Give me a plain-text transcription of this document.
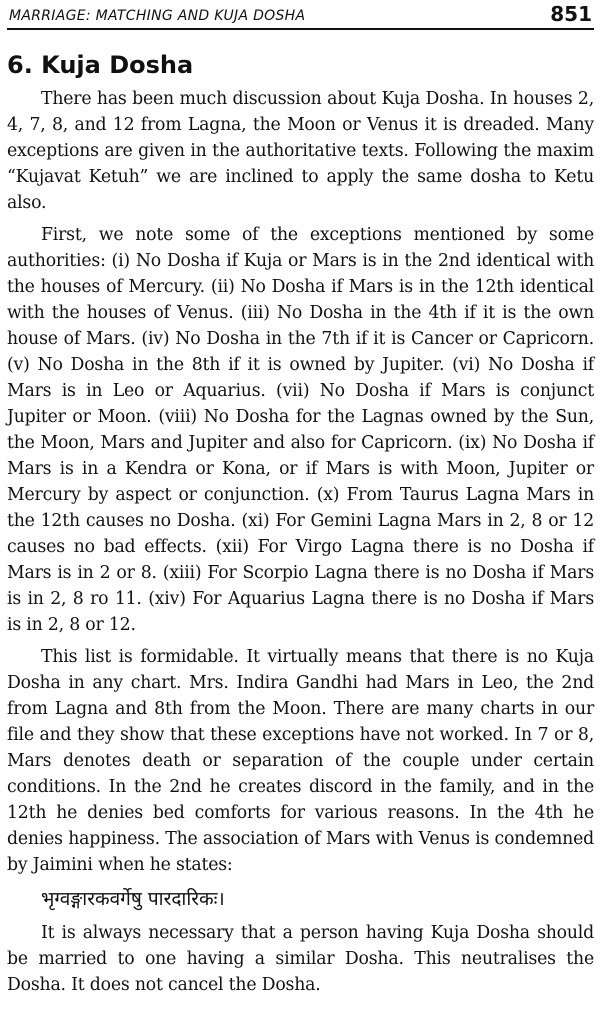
MARRIAGE: MATCHING AND KUJA DOSHA	851
6. Kuja Dosha

There has been much discussion about Kuja Dosha. In houses 2, 4, 7, 8, and 12 from Lagna, the Moon or Venus it is dreaded. Many exceptions are given in the authoritative texts. Following the maxim “Kujavat Ketuh” we are inclined to apply the same dosha to Ketu also.

First, we note some of the exceptions mentioned by some authorities: (i) No Dosha if Kuja or Mars is in the 2nd identical with the houses of Mercury. (ii) No Dosha if Mars is in the 12th identical with the houses of Venus. (iii) No Dosha in the 4th if it is the own house of Mars. (iv) No Dosha in the 7th if it is Cancer or Capricorn. (v) No Dosha in the 8th if it is owned by Jupiter. (vi) No Dosha if Mars is in Leo or Aquarius. (vii) No Dosha if Mars is conjunct Jupiter or Moon. (viii) No Dosha for the Lagnas owned by the Sun, the Moon, Mars and Jupiter and also for Capricorn. (ix) No Dosha if Mars is in a Kendra or Kona, or if Mars is with Moon, Jupiter or Mercury by aspect or conjunction. (x) From Taurus Lagna Mars in the 12th causes no Dosha. (xi) For Gemini Lagna Mars in 2, 8 or 12 causes no bad effects. (xii) For Virgo Lagna there is no Dosha if Mars is in 2 or 8. (xiii) For Scorpio Lagna there is no Dosha if Mars is in 2, 8 ro 11. (xiv) For Aquarius Lagna there is no Dosha if Mars is in 2, 8 or 12.

This list is formidable. It virtually means that there is no Kuja Dosha in any chart. Mrs. Indira Gandhi had Mars in Leo, the 2nd from Lagna and 8th from the Moon. There are many charts in our file and they show that these exceptions have not worked. In 7 or 8, Mars denotes death or separation of the couple under certain conditions. In the 2nd he creates discord in the family, and in the 12th he denies bed comforts for various reasons. In the 4th he denies happiness. The association of Mars with Venus is condemned by Jaimini when he states:

भृग्वङ्गारकवर्गेषु पारदारिकः।

It is always necessary that a person having Kuja Dosha should be married to one having a similar Dosha. This neutralises the Dosha. It does not cancel the Dosha.
